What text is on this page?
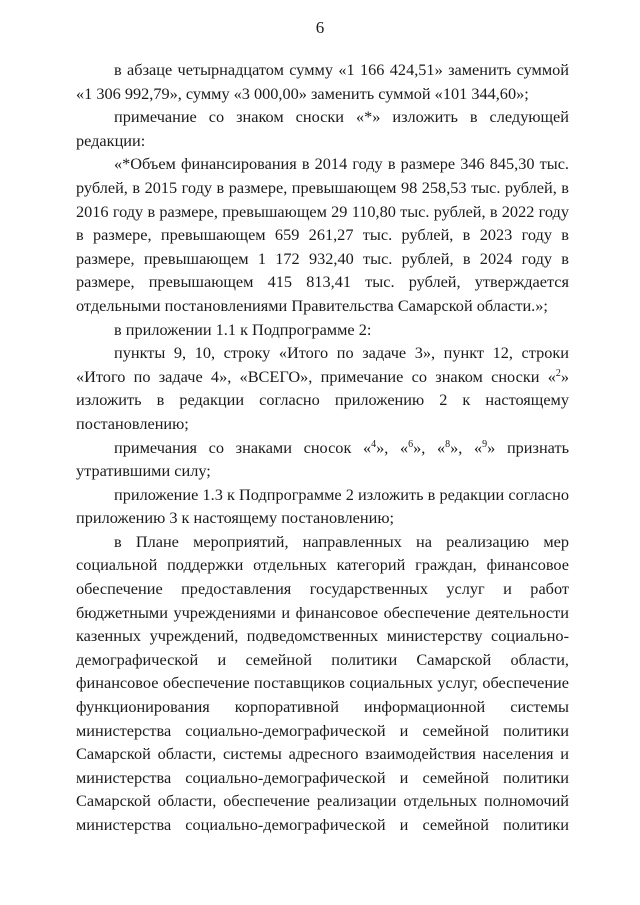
6

в абзаце четырнадцатом сумму «1 166 424,51» заменить суммой «1 306 992,79», сумму «3 000,00» заменить суммой «101 344,60»;

примечание со знаком сноски «*» изложить в следующей редакции:

«*Объем финансирования в 2014 году в размере 346 845,30 тыс. рублей, в 2015 году в размере, превышающем 98 258,53 тыс. рублей, в 2016 году в размере, превышающем 29 110,80 тыс. рублей, в 2022 году в размере, превышающем 659 261,27 тыс. рублей, в 2023 году в размере, превышающем 1 172 932,40 тыс. рублей, в 2024 году в размере, превышающем 415 813,41 тыс. рублей, утверждается отдельными постановлениями Правительства Самарской области.»;

в приложении 1.1 к Подпрограмме 2:

пункты 9, 10, строку «Итого по задаче 3», пункт 12, строки «Итого по задаче 4», «ВСЕГО», примечание со знаком сноски «$^2$» изложить в редакции согласно приложению 2 к настоящему постановлению;

примечания со знаками сносок «$^4$», «$^6$», «$^8$», «$^9$» признать утратившими силу;

приложение 1.3 к Подпрограмме 2 изложить в редакции согласно приложению 3 к настоящему постановлению;

в Плане мероприятий, направленных на реализацию мер социальной поддержки отдельных категорий граждан, финансовое обеспечение предоставления государственных услуг и работ бюджетными учреждениями и финансовое обеспечение деятельности казенных учреждений, подведомственных министерству социально-демографической и семейной политики Самарской области, финансовое обеспечение поставщиков социальных услуг, обеспечение функционирования корпоративной информационной системы министерства социально-демографической и семейной политики Самарской области, системы адресного взаимодействия населения и министерства социально-демографической и семейной политики Самарской области, обеспечение реализации отдельных полномочий министерства социально-демографической и семейной политики
